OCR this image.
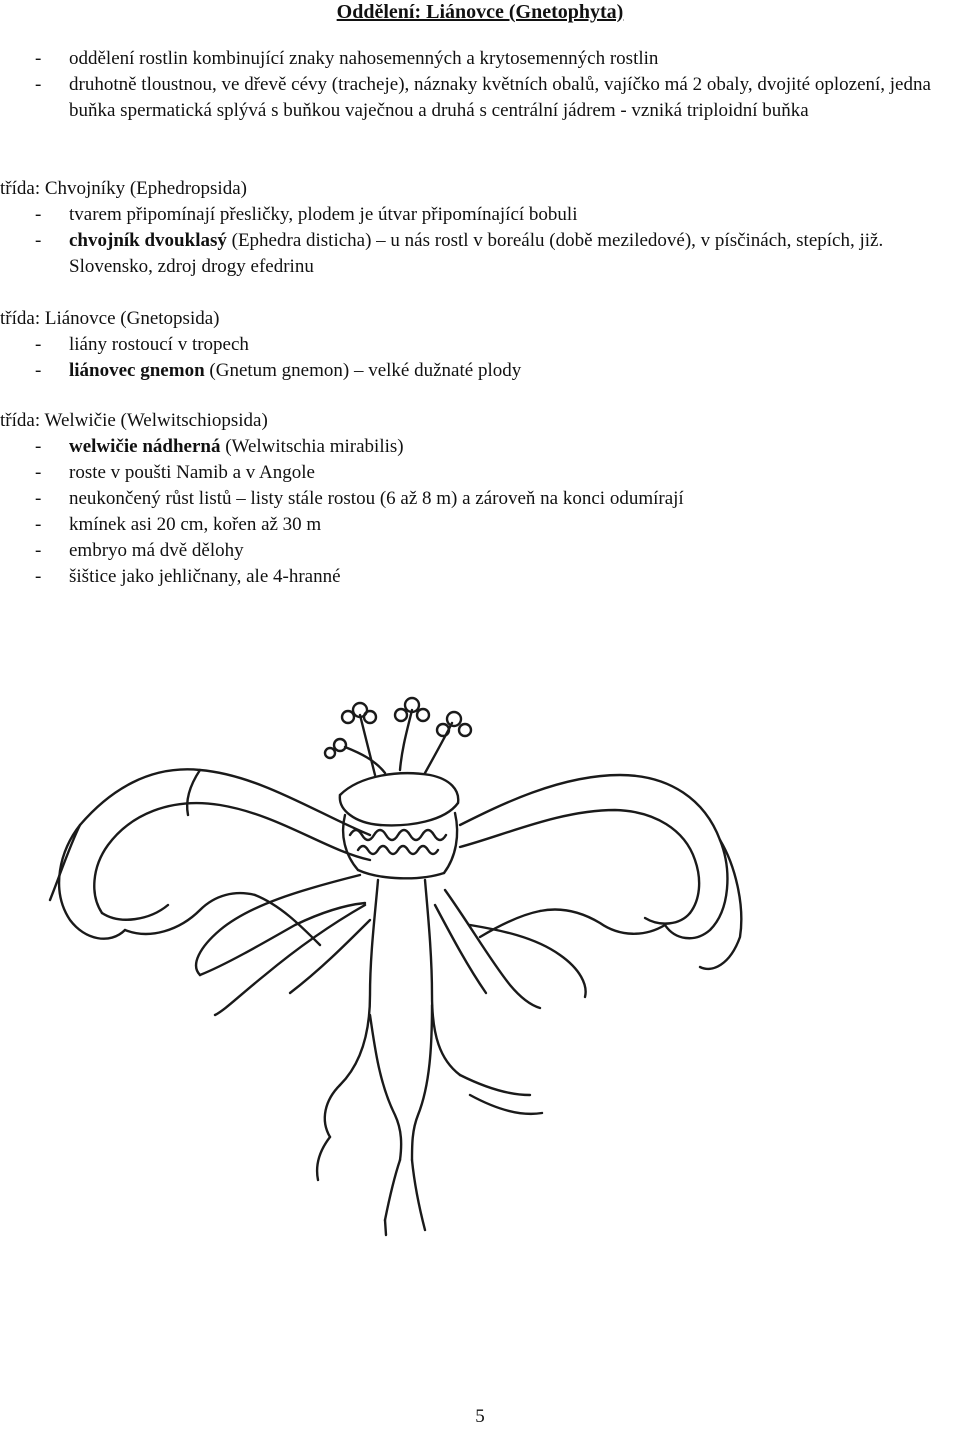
Oddělení: Liánovce (Gnetophyta)
- oddělení rostlin kombinující znaky nahosemenných a krytosemenných rostlin
- druhotně tloustnou, ve dřevě cévy (tracheje), náznaky květních obalů, vajíčko má 2 obaly, dvojité oplození, jedna buňka spermatická splývá s buňkou vaječnou a druhá s centrální jádrem - vzniká triploidní buňka
třída: Chvojníky (Ephedropsida)
- tvarem připomínají přesličky, plodem je útvar připomínající bobuli
- chvojník dvouklasý (Ephedra disticha) – u nás rostl v boreálu (době meziledové), v písčinách, stepích, již. Slovensko, zdroj drogy efedrinu
třída: Liánovce (Gnetopsida)
- liány rostoucí v tropech
- liánovec gnemon (Gnetum gnemon) – velké dužnaté plody
třída: Welwičie (Welwitschiopsida)
- welwičie nádherná (Welwitschia mirabilis)
- roste v poušti Namib a v Angole
- neukončený růst listů – listy stále rostou (6 až 8 m) a zároveň na konci odumírají
- kmínek asi 20 cm, kořen až 30 m
- embryo má dvě dělohy
- šištice jako jehličnany, ale 4-hranné
5
